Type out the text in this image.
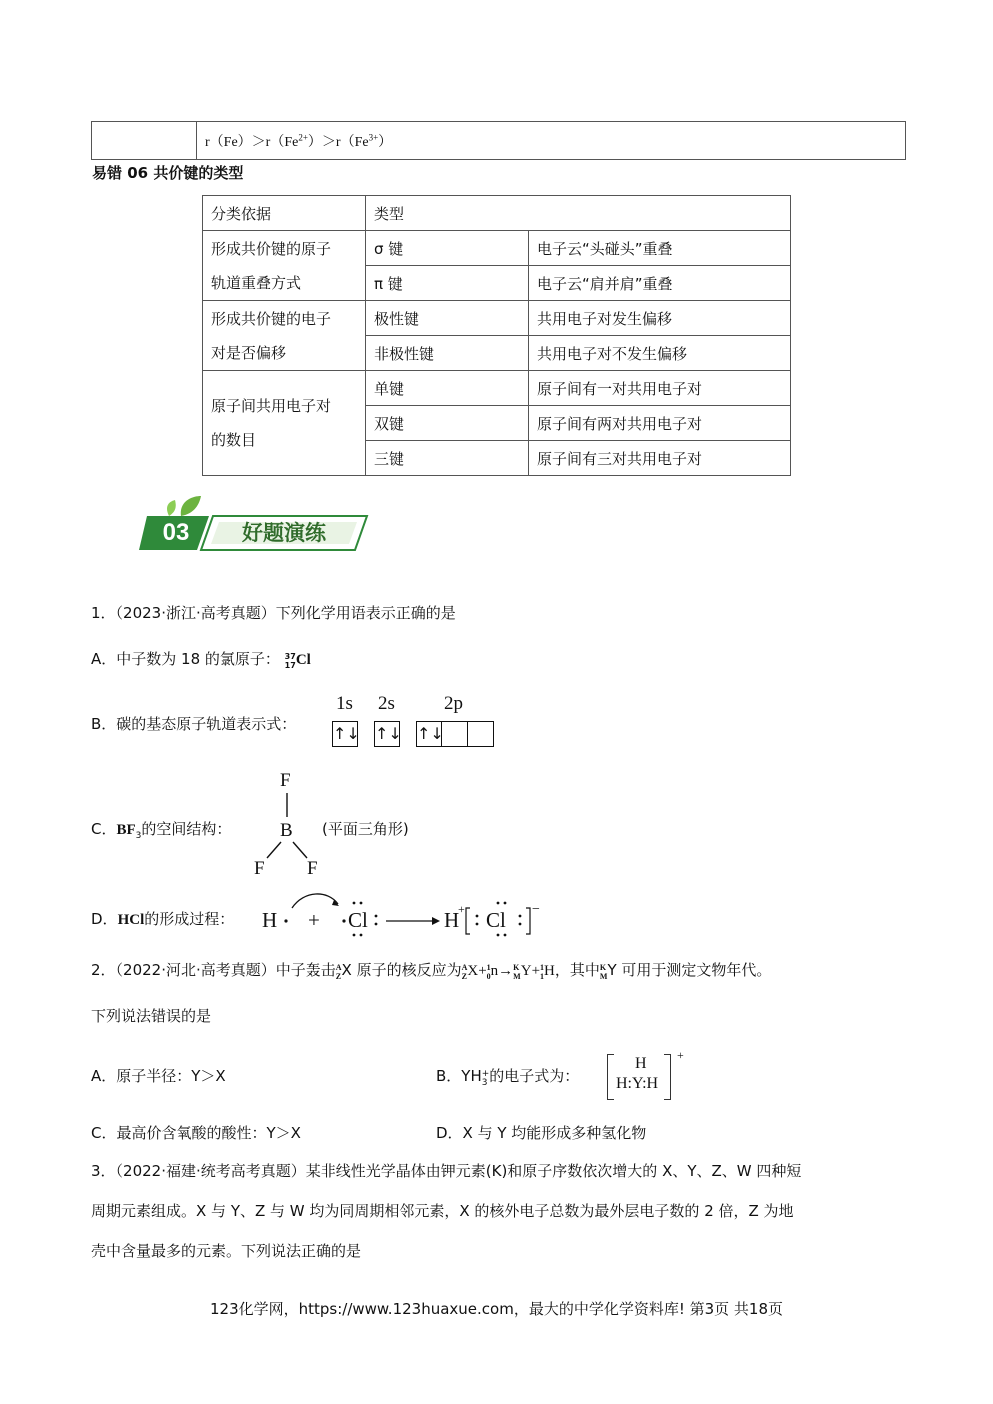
	$r(Fe)>r(Fe^{2+})>r(Fe^{3+})$
易错 06 共价键的类型
分类依据	类型	
形成共价键的原子
轨道重叠方式	σ 键	电子云“头碰头”重叠
	π 键	电子云“肩并肩”重叠
形成共价键的电子
对是否偏移	极性键	共用电子对发生偏移
	非极性键	共用电子对不发生偏移
原子间共用电子对
的数目	单键	原子间有一对共用电子对
	双键	原子间有两对共用电子对
	三键	原子间有三对共用电子对
03	好题演练
1．（2023·浙江·高考真题）下列化学用语表示正确的是
A．中子数为 18 的氯原子： 37
17Cl
B．碳的基态原子轨道表示式：
1s 2s	2p
↑↓ ↑↓ ↑↓
C．$BF_3$的空间结构：
F
B
F F
(平面三角形)
D．HCl的形成过程： H + Cl	H
+ Cl −
2．（2022·河北·高考真题）中子轰击A
ZX 原子的核反应为A
ZX+1
0n→K
MY+1
1H，其中K
MY 可用于测定文物年代。
下列说法错误的是
A．原子半径：Y＞X	B．YH+
3 的电子式为：
H
H:Y:H
+
C．最高价含氧酸的酸性：Y＞X	D．X 与 Y 均能形成多种氢化物
3．（2022·福建·统考高考真题）某非线性光学晶体由钾元素(K)和原子序数依次增大的 X、Y、Z、W 四种短
周期元素组成。X 与 Y、Z 与 W 均为同周期相邻元素，X 的核外电子总数为最外层电子数的 2 倍，Z 为地
壳中含量最多的元素。下列说法正确的是
123化学网，https://www.123huaxue.com，最大的中学化学资料库! 第3页 共18页
